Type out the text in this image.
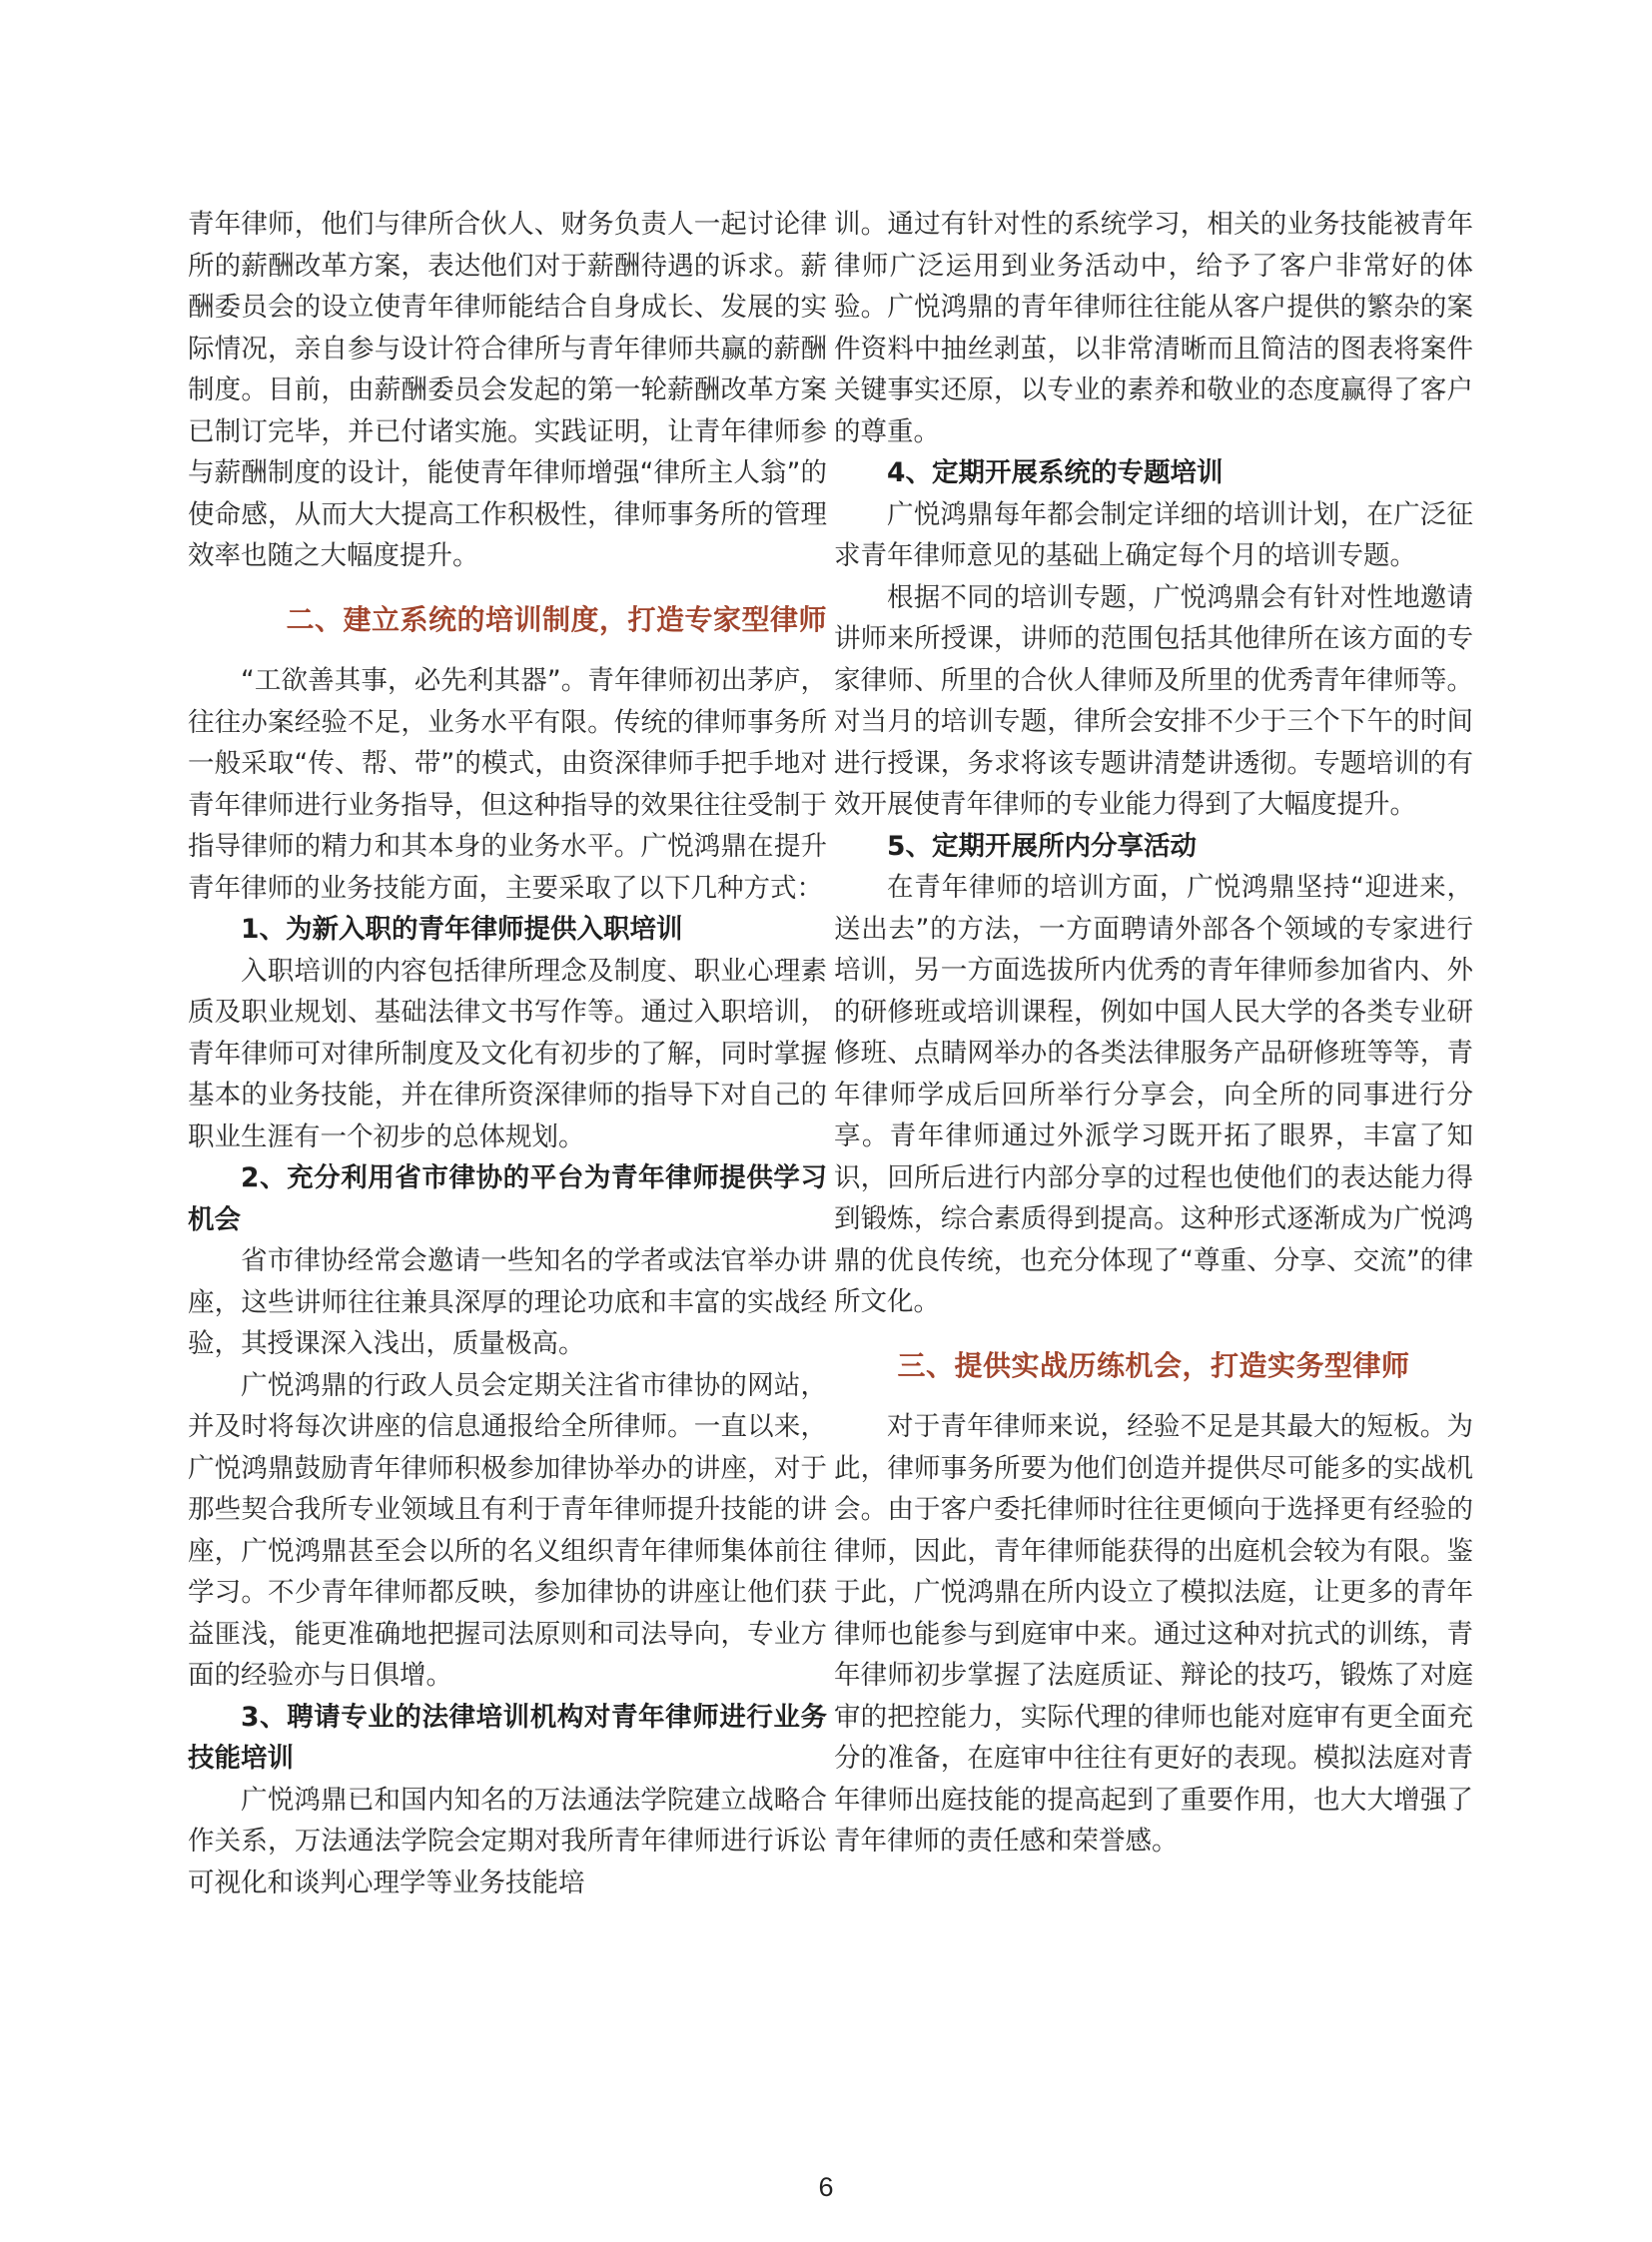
青年律师，他们与律所合伙人、财务负责人一起讨论律所的薪酬改革方案，表达他们对于薪酬待遇的诉求。薪酬委员会的设立使青年律师能结合自身成长、发展的实际情况，亲自参与设计符合律所与青年律师共赢的薪酬制度。目前，由薪酬委员会发起的第一轮薪酬改革方案已制订完毕，并已付诸实施。实践证明，让青年律师参与薪酬制度的设计，能使青年律师增强“律所主人翁”的使命感，从而大大提高工作积极性，律师事务所的管理效率也随之大幅度提升。

二、建立系统的培训制度，打造专家型律师

“工欲善其事，必先利其器”。青年律师初出茅庐，往往办案经验不足，业务水平有限。传统的律师事务所一般采取“传、帮、带”的模式，由资深律师手把手地对青年律师进行业务指导，但这种指导的效果往往受制于指导律师的精力和其本身的业务水平。广悦鸿鼎在提升青年律师的业务技能方面，主要采取了以下几种方式：

1、为新入职的青年律师提供入职培训

入职培训的内容包括律所理念及制度、职业心理素质及职业规划、基础法律文书写作等。通过入职培训，青年律师可对律所制度及文化有初步的了解，同时掌握基本的业务技能，并在律所资深律师的指导下对自己的职业生涯有一个初步的总体规划。

2、充分利用省市律协的平台为青年律师提供学习机会

省市律协经常会邀请一些知名的学者或法官举办讲座，这些讲师往往兼具深厚的理论功底和丰富的实战经验，其授课深入浅出，质量极高。

广悦鸿鼎的行政人员会定期关注省市律协的网站，并及时将每次讲座的信息通报给全所律师。一直以来，广悦鸿鼎鼓励青年律师积极参加律协举办的讲座，对于那些契合我所专业领域且有利于青年律师提升技能的讲座，广悦鸿鼎甚至会以所的名义组织青年律师集体前往学习。不少青年律师都反映，参加律协的讲座让他们获益匪浅，能更准确地把握司法原则和司法导向，专业方面的经验亦与日俱增。

3、聘请专业的法律培训机构对青年律师进行业务技能培训

广悦鸿鼎已和国内知名的万法通法学院建立战略合作关系，万法通法学院会定期对我所青年律师进行诉讼可视化和谈判心理学等业务技能培

训。通过有针对性的系统学习，相关的业务技能被青年律师广泛运用到业务活动中，给予了客户非常好的体验。广悦鸿鼎的青年律师往往能从客户提供的繁杂的案件资料中抽丝剥茧，以非常清晰而且简洁的图表将案件关键事实还原，以专业的素养和敬业的态度赢得了客户的尊重。

4、定期开展系统的专题培训

广悦鸿鼎每年都会制定详细的培训计划，在广泛征求青年律师意见的基础上确定每个月的培训专题。

根据不同的培训专题，广悦鸿鼎会有针对性地邀请讲师来所授课，讲师的范围包括其他律所在该方面的专家律师、所里的合伙人律师及所里的优秀青年律师等。对当月的培训专题，律所会安排不少于三个下午的时间进行授课，务求将该专题讲清楚讲透彻。专题培训的有效开展使青年律师的专业能力得到了大幅度提升。

5、定期开展所内分享活动

在青年律师的培训方面，广悦鸿鼎坚持“迎进来，送出去”的方法，一方面聘请外部各个领域的专家进行培训，另一方面选拔所内优秀的青年律师参加省内、外的研修班或培训课程，例如中国人民大学的各类专业研修班、点睛网举办的各类法律服务产品研修班等等，青年律师学成后回所举行分享会，向全所的同事进行分享。青年律师通过外派学习既开拓了眼界，丰富了知识，回所后进行内部分享的过程也使他们的表达能力得到锻炼，综合素质得到提高。这种形式逐渐成为广悦鸿鼎的优良传统，也充分体现了“尊重、分享、交流”的律所文化。

三、提供实战历练机会，打造实务型律师

对于青年律师来说，经验不足是其最大的短板。为此，律师事务所要为他们创造并提供尽可能多的实战机会。由于客户委托律师时往往更倾向于选择更有经验的律师，因此，青年律师能获得的出庭机会较为有限。鉴于此，广悦鸿鼎在所内设立了模拟法庭，让更多的青年律师也能参与到庭审中来。通过这种对抗式的训练，青年律师初步掌握了法庭质证、辩论的技巧，锻炼了对庭审的把控能力，实际代理的律师也能对庭审有更全面充分的准备，在庭审中往往有更好的表现。模拟法庭对青年律师出庭技能的提高起到了重要作用，也大大增强了青年律师的责任感和荣誉感。

6
